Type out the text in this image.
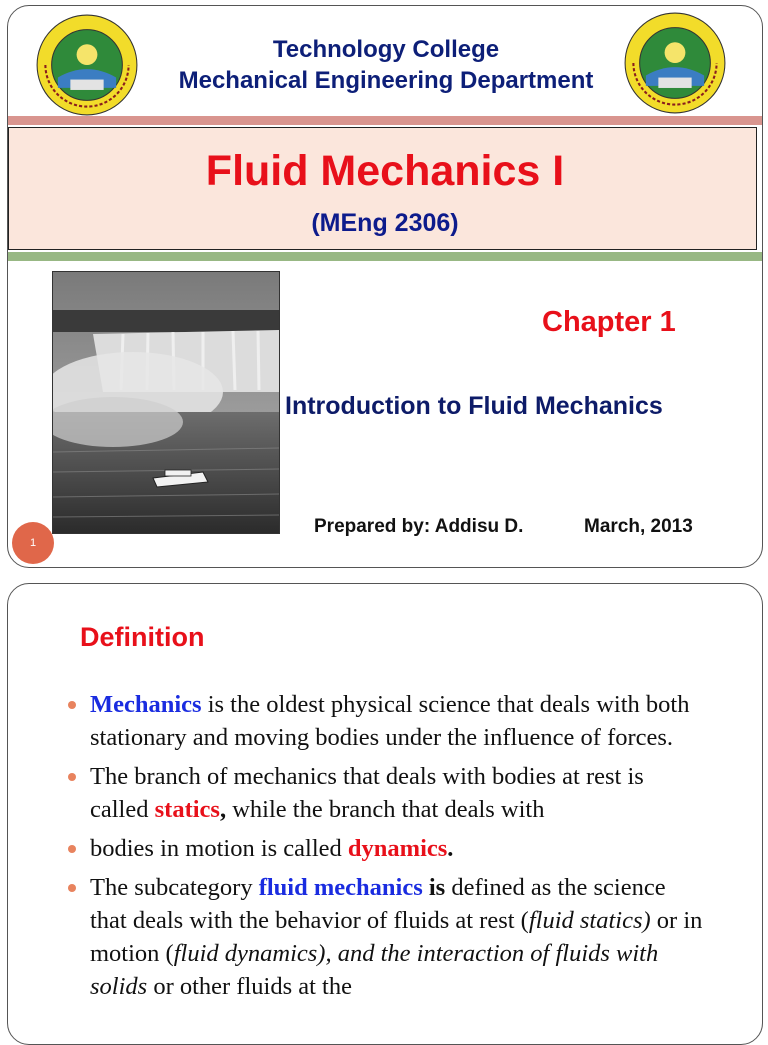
Technology College
Mechanical Engineering Department
Fluid Mechanics I
(MEng 2306)
Chapter 1
Introduction to Fluid Mechanics
Prepared by: Addisu D.	March, 2013
1
Definition
Mechanics is the oldest physical science that deals with both stationary and moving bodies under the influence of forces.
The branch of mechanics that deals with bodies at rest is called statics, while the branch that deals with
bodies in motion is called dynamics.
The subcategory fluid mechanics is defined as the science that deals with the behavior of fluids at rest (fluid statics) or in motion (fluid dynamics), and the interaction of fluids with solids or other fluids at the
